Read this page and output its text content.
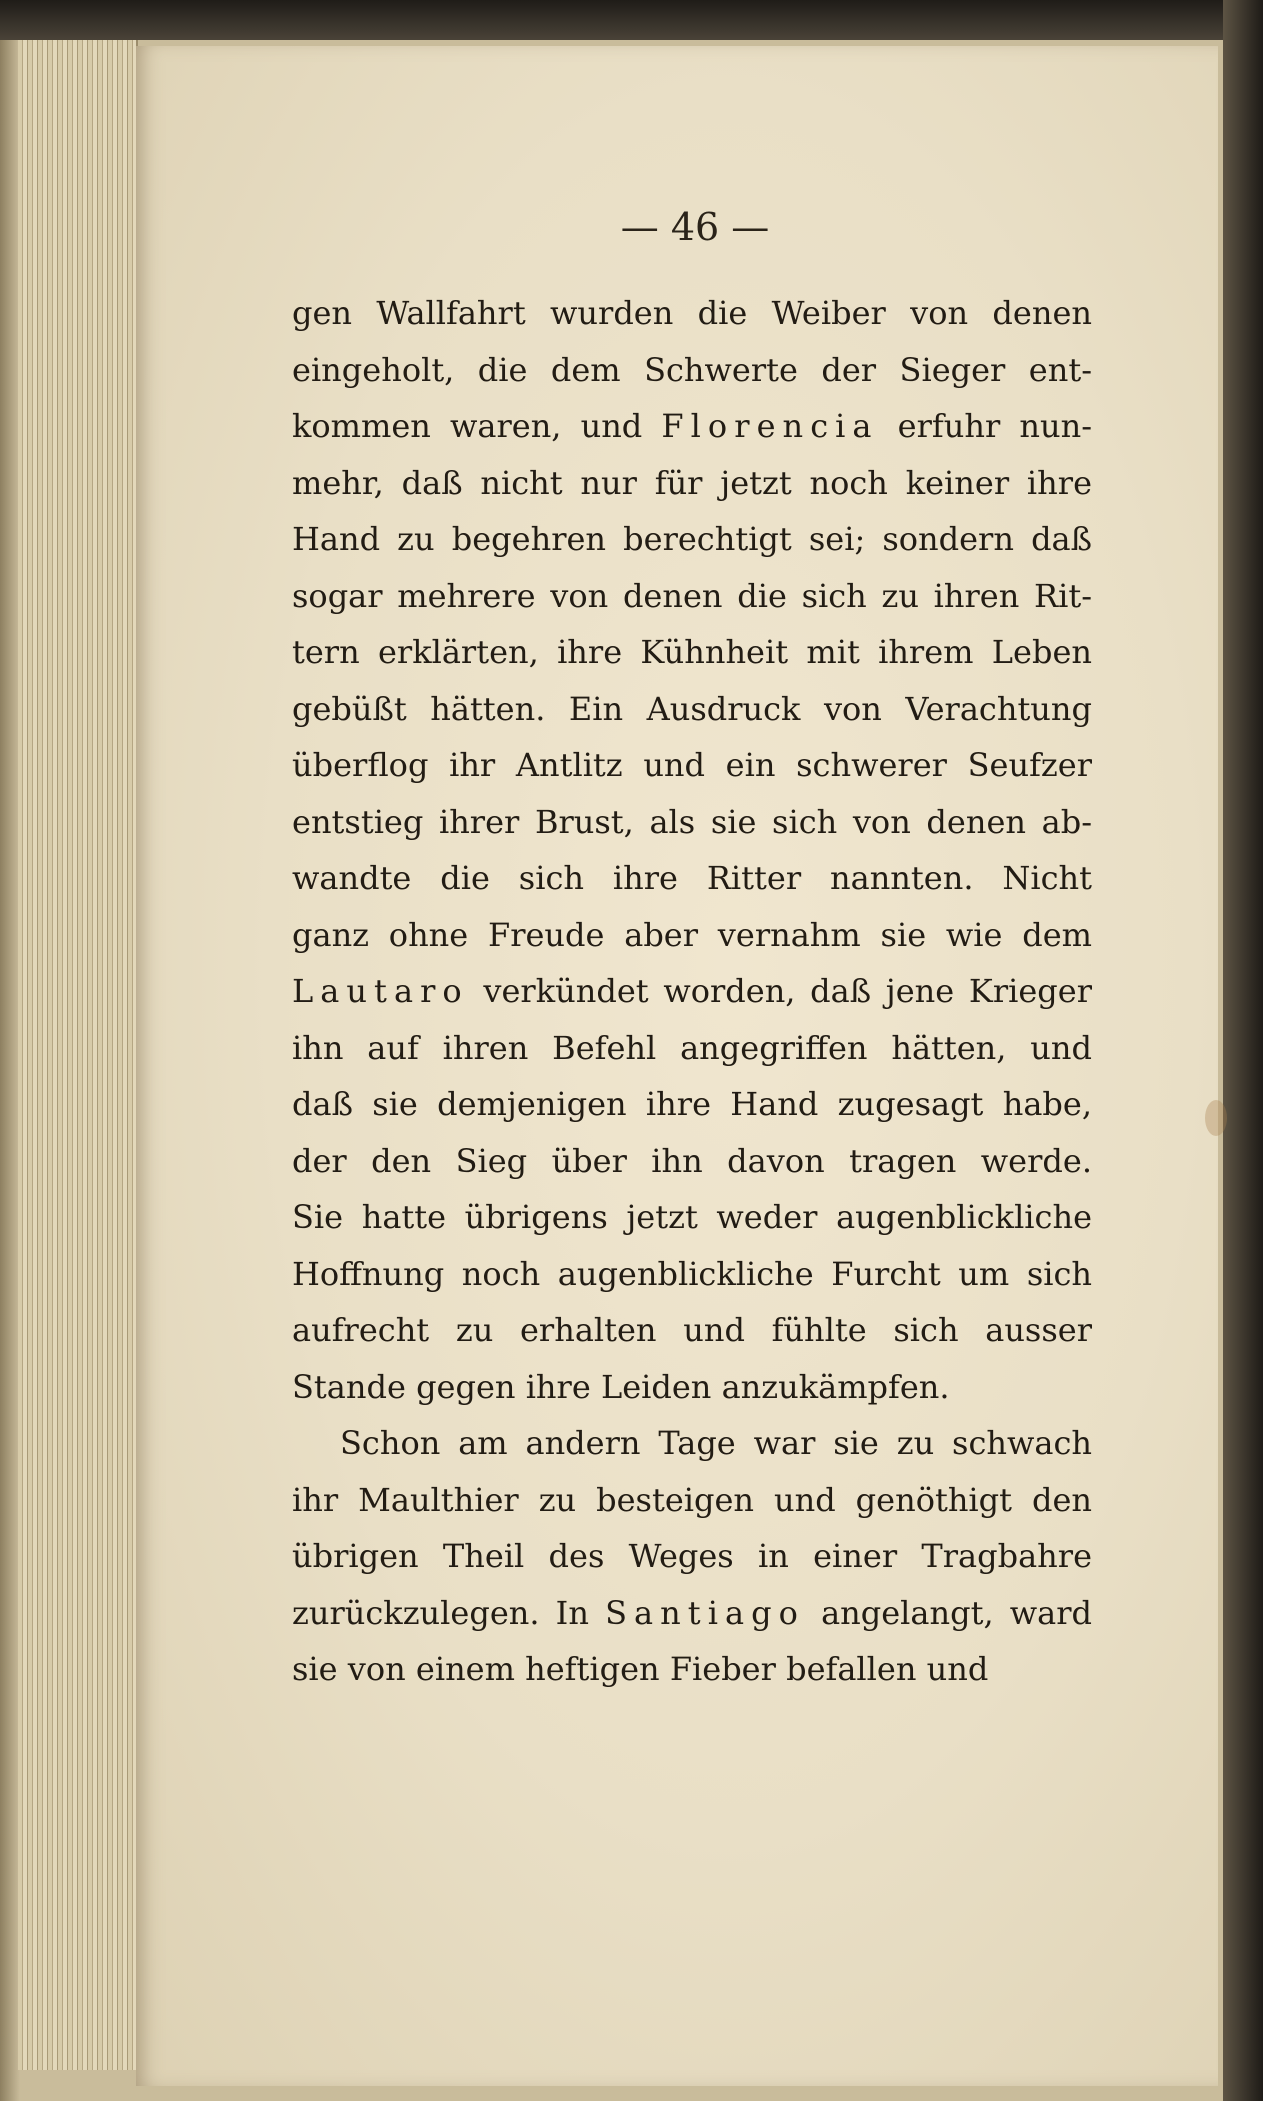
— 46 —
gen Wallfahrt wurden die Weiber von denen
eingeholt, die dem Schwerte der Sieger ent-
kommen waren, und Florencia erfuhr nun-
mehr, daß nicht nur für jetzt noch keiner ihre
Hand zu begehren berechtigt sei; sondern daß
sogar mehrere von denen die sich zu ihren Rit-
tern erklärten, ihre Kühnheit mit ihrem Leben
gebüßt hätten. Ein Ausdruck von Verachtung
überflog ihr Antlitz und ein schwerer Seufzer
entstieg ihrer Brust, als sie sich von denen ab-
wandte die sich ihre Ritter nannten. Nicht
ganz ohne Freude aber vernahm sie wie dem
Lautaro verkündet worden, daß jene Krieger
ihn auf ihren Befehl angegriffen hätten, und
daß sie demjenigen ihre Hand zugesagt habe,
der den Sieg über ihn davon tragen werde.
Sie hatte übrigens jetzt weder augenblickliche
Hoffnung noch augenblickliche Furcht um sich
aufrecht zu erhalten und fühlte sich ausser
Stande gegen ihre Leiden anzukämpfen.
Schon am andern Tage war sie zu schwach
ihr Maulthier zu besteigen und genöthigt den
übrigen Theil des Weges in einer Tragbahre
zurückzulegen. In Santiago angelangt, ward
sie von einem heftigen Fieber befallen und
